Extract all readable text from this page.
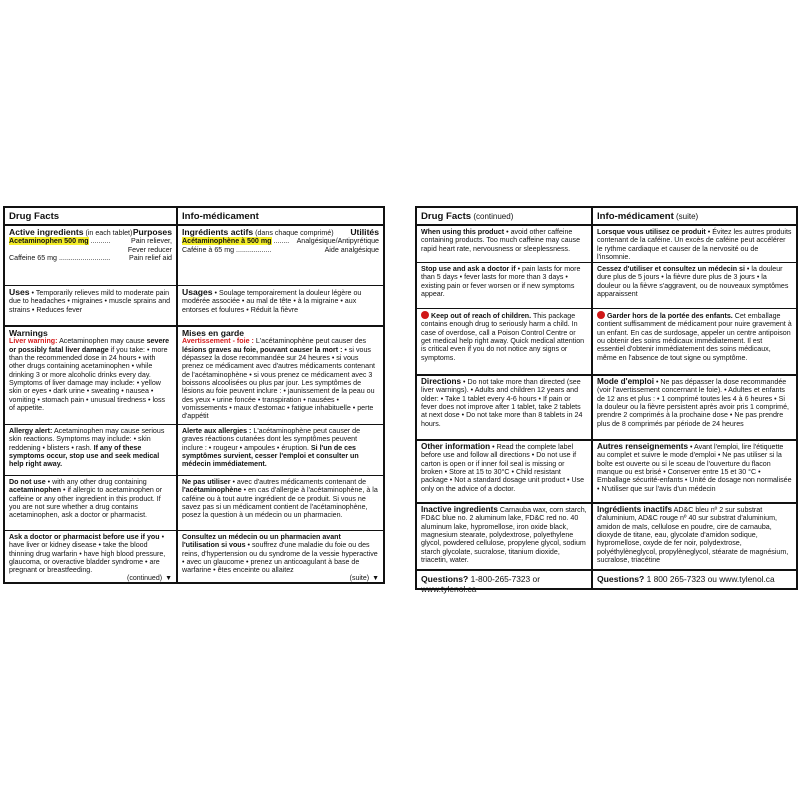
Drug Facts
Active ingredients (in each tablet) Purposes
Acetaminophen 500 mg ..........	Pain reliever,
Fever reducer
Caffeine 65 mg ..........................	Pain relief aid
Uses • Temporarily relieves mild to moderate pain due to headaches • migraines • muscle sprains and strains • Reduces fever
Warnings
Liver warning: Acetaminophen may cause severe or possibly fatal liver damage if you take: • more than the recommended dose in 24 hours • with other drugs containing acetaminophen • while drinking 3 or more alcoholic drinks every day. Symptoms of liver damage may include: • yellow skin or eyes • dark urine • sweating • nausea • vomiting • stomach pain • unusual tiredness • loss of appetite.
Allergy alert: Acetaminophen may cause serious skin reactions. Symptoms may include: • skin reddening • blisters • rash. If any of these symptoms occur, stop use and seek medical help right away.
Do not use • with any other drug containing acetaminophen • if allergic to acetaminophen or caffeine or any other ingredient in this product. If you are not sure whether a drug contains acetaminophen, ask a doctor or pharmacist.
Ask a doctor or pharmacist before use if you • have liver or kidney disease • take the blood thinning drug warfarin • have high blood pressure, glaucoma, or overactive bladder syndrome • are pregnant or breastfeeding.
(continued) ▼
Info-médicament
Ingrédients actifs (dans chaque comprimé) Utilités
Acétaminophène à 500 mg ........ Analgésique/Antipyrétique
Caféine à 65 mg ..................	Aide analgésique
Usages • Soulage temporairement la douleur légère ou modérée associée • au mal de tête • à la migraine • aux entorses et foulures • Réduit la fièvre
Mises en garde
Avertissement - foie : L'acétaminophène peut causer des lésions graves au foie, pouvant causer la mort : • si vous dépassez la dose recommandée sur 24 heures • si vous prenez ce médicament avec d'autres médicaments contenant de l'acétaminophène • si vous prenez ce médicament avec 3 boissons alcoolisées ou plus par jour. Les symptômes de lésions au foie peuvent inclure : • jaunissement de la peau ou des yeux • urine foncée • transpiration • nausées • vomissements • maux d'estomac • fatigue inhabituelle • perte d'appétit
Alerte aux allergies : L'acétaminophène peut causer de graves réactions cutanées dont les symptômes peuvent inclure : • rougeur • ampoules • éruption. Si l'un de ces symptômes survient, cesser l'emploi et consulter un médecin immédiatement.
Ne pas utiliser • avec d'autres médicaments contenant de l'acétaminophène • en cas d'allergie à l'acétaminophène, à la caféine ou à tout autre ingrédient de ce produit. Si vous ne savez pas si un médicament contient de l'acétaminophène, posez la question à un médecin ou un pharmacien.
Consultez un médecin ou un pharmacien avant l'utilisation si vous • souffrez d'une maladie du foie ou des reins, d'hypertension ou du syndrome de la vessie hyperactive • avec un glaucome • prenez un anticoagulant à base de warfarine • êtes enceinte ou allaitez
(suite) ▼
Drug Facts (continued)
When using this product • avoid other caffeine containing products. Too much caffeine may cause rapid heart rate, nervousness or sleeplessness.
Stop use and ask a doctor if • pain lasts for more than 5 days • fever lasts for more than 3 days • existing pain or fever worsen or if new symptoms appear.
Keep out of reach of children. This package contains enough drug to seriously harm a child. In case of overdose, call a Poison Control Centre or get medical help right away. Quick medical attention is critical even if you do not notice any signs or symptoms.
Directions • Do not take more than directed (see liver warnings). • Adults and children 12 years and older: • Take 1 tablet every 4-6 hours • If pain or fever does not improve after 1 tablet, take 2 tablets at next dose • Do not take more than 8 tablets in 24 hours.
Other information • Read the complete label before use and follow all directions • Do not use if carton is open or if inner foil seal is missing or broken • Store at 15 to 30°C • Child resistant package • Not a standard dosage unit product • Use only on the advice of a doctor.
Inactive ingredients Carnauba wax, corn starch, FD&C blue no. 2 aluminum lake, FD&C red no. 40 aluminum lake, hypromellose, iron oxide black, magnesium stearate, polydextrose, polyethylene glycol, powdered cellulose, propylene glycol, sodium starch glycolate, sucralose, titanium dioxide, triacetin, water.
Questions? 1-800-265-7323 or www.tylenol.ca
Info-médicament (suite)
Lorsque vous utilisez ce produit • Évitez les autres produits contenant de la caféine. Un excès de caféine peut accélérer le rythme cardiaque et causer de la nervosité ou de l'insomnie.
Cessez d'utiliser et consultez un médecin si • la douleur dure plus de 5 jours • la fièvre dure plus de 3 jours • la douleur ou la fièvre s'aggravent, ou de nouveaux symptômes apparaissent
Garder hors de la portée des enfants. Cet emballage contient suffisamment de médicament pour nuire gravement à un enfant. En cas de surdosage, appeler un centre antipoison ou obtenir des soins médicaux immédiatement. Il est essentiel d'obtenir immédiatement des soins médicaux, même en l'absence de tout signe ou symptôme.
Mode d'emploi • Ne pas dépasser la dose recommandée (voir l'avertissement concernant le foie). • Adultes et enfants de 12 ans et plus : • 1 comprimé toutes les 4 à 6 heures • Si la douleur ou la fièvre persistent après avoir pris 1 comprimé, prendre 2 comprimés à la prochaine dose • Ne pas prendre plus de 8 comprimés par période de 24 heures
Autres renseignements • Avant l'emploi, lire l'étiquette au complet et suivre le mode d'emploi • Ne pas utiliser si la boîte est ouverte ou si le sceau de l'ouverture du flacon manque ou est brisé • Conserver entre 15 et 30 °C • Emballage sécurité-enfants • Unité de dosage non normalisée • N'utiliser que sur l'avis d'un médecin
Ingrédients inactifs AD&C bleu nº 2 sur substrat d'aluminium, AD&C rouge nº 40 sur substrat d'aluminium, amidon de maïs, cellulose en poudre, cire de carnauba, dioxyde de titane, eau, glycolate d'amidon sodique, hypromellose, oxyde de fer noir, polydextrose, polyéthylèneglycol, propylèneglycol, stéarate de magnésium, sucralose, triacétine
Questions? 1 800 265-7323 ou www.tylenol.ca
